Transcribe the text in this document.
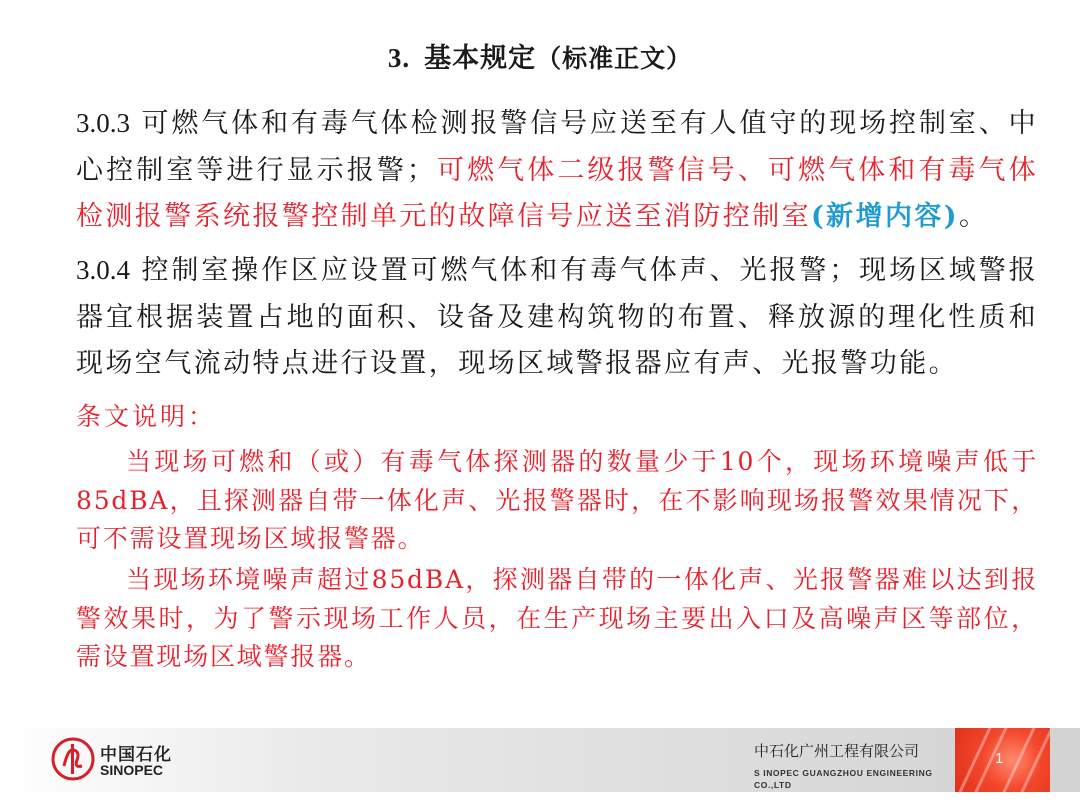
3. 基本规定（标准正文）

3.0.3 可燃气体和有毒气体检测报警信号应送至有人值守的现场控制室、中心控制室等进行显示报警；可燃气体二级报警信号、可燃气体和有毒气体检测报警系统报警控制单元的故障信号应送至消防控制室(新增内容)。

3.0.4 控制室操作区应设置可燃气体和有毒气体声、光报警；现场区域警报器宜根据装置占地的面积、设备及建构筑物的布置、释放源的理化性质和现场空气流动特点进行设置，现场区域警报器应有声、光报警功能。

条文说明：

当现场可燃和（或）有毒气体探测器的数量少于10个，现场环境噪声低于85dBA，且探测器自带一体化声、光报警器时，在不影响现场报警效果情况下，可不需设置现场区域报警器。

当现场环境噪声超过85dBA，探测器自带的一体化声、光报警器难以达到报警效果时，为了警示现场工作人员，在生产现场主要出入口及高噪声区等部位，需设置现场区域警报器。

中国石化
SINOPEC
中石化广州工程有限公司
S INOPEC GUANGZHOU ENGINEERING CO.,LTD
1
